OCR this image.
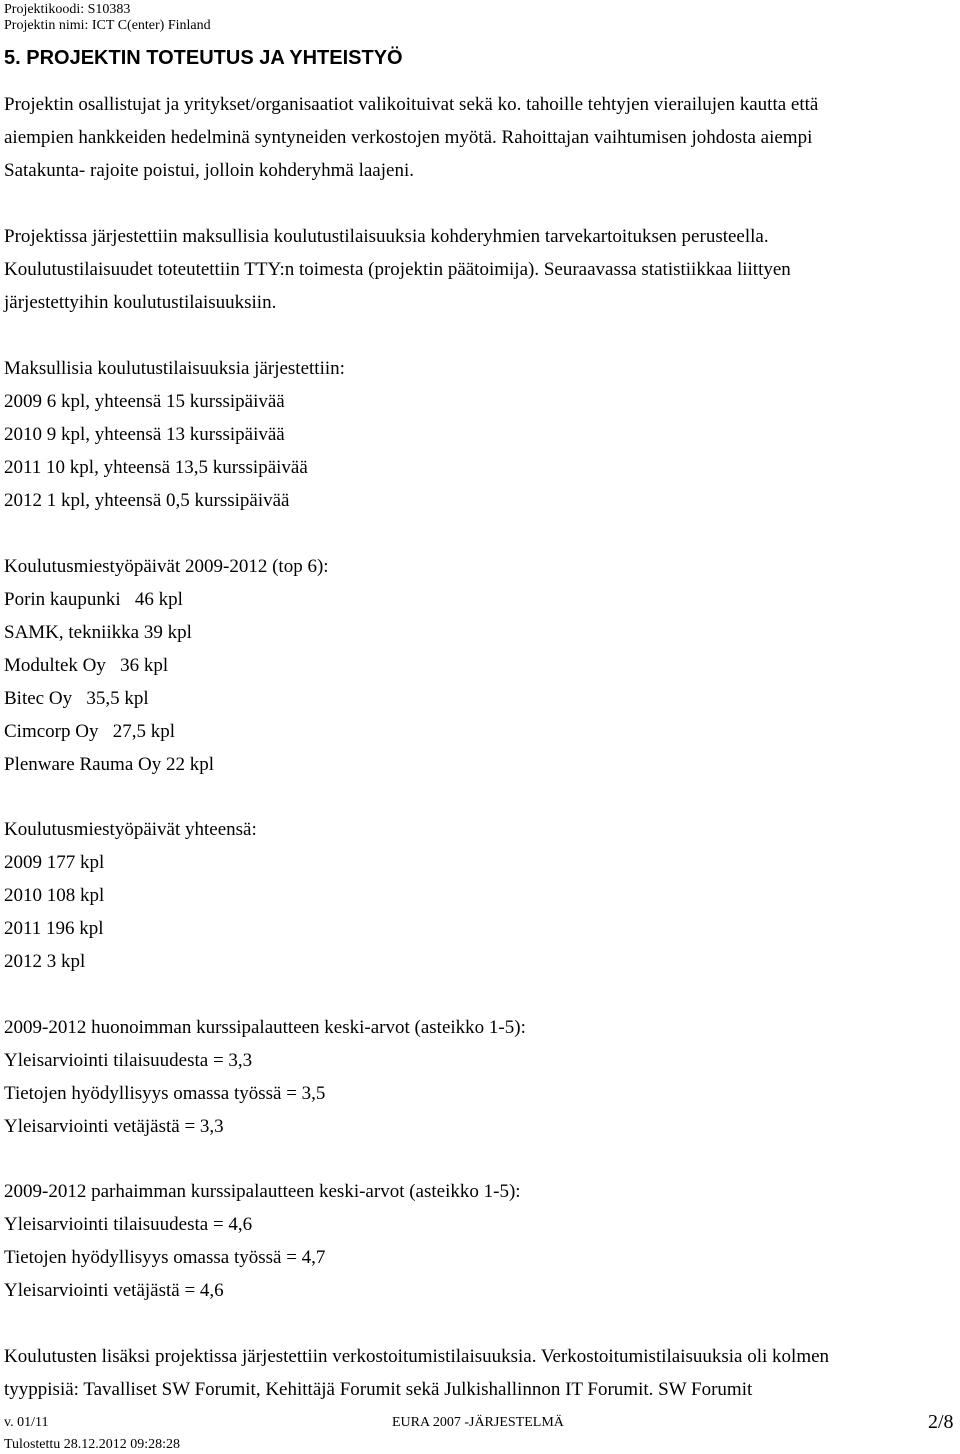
Projektikoodi: S10383
Projektin nimi: ICT C(enter) Finland
5. PROJEKTIN TOTEUTUS JA YHTEISTYÖ
Projektin osallistujat ja yritykset/organisaatiot valikoituivat sekä ko. tahoille tehtyjen vierailujen kautta että
aiempien hankkeiden hedelminä syntyneiden verkostojen myötä. Rahoittajan vaihtumisen johdosta aiempi
Satakunta- rajoite poistui, jolloin kohderyhmä laajeni.
Projektissa järjestettiin maksullisia koulutustilaisuuksia kohderyhmien tarvekartoituksen perusteella.
Koulutustilaisuudet toteutettiin TTY:n toimesta (projektin päätoimija). Seuraavassa statistiikkaa liittyen
järjestettyihin koulutustilaisuuksiin.
Maksullisia koulutustilaisuuksia järjestettiin:
2009 6 kpl, yhteensä 15 kurssipäivää
2010 9 kpl, yhteensä 13 kurssipäivää
2011 10 kpl, yhteensä 13,5 kurssipäivää
2012 1 kpl, yhteensä 0,5 kurssipäivää
Koulutusmiestyöpäivät 2009-2012 (top 6):
Porin kaupunki   46 kpl
SAMK, tekniikka 39 kpl
Modultek Oy   36 kpl
Bitec Oy   35,5 kpl
Cimcorp Oy   27,5 kpl
Plenware Rauma Oy 22 kpl
Koulutusmiestyöpäivät yhteensä:
2009 177 kpl
2010 108 kpl
2011 196 kpl
2012 3 kpl
2009-2012 huonoimman kurssipalautteen keski-arvot (asteikko 1-5):
Yleisarviointi tilaisuudesta = 3,3
Tietojen hyödyllisyys omassa työssä = 3,5
Yleisarviointi vetäjästä = 3,3
2009-2012 parhaimman kurssipalautteen keski-arvot (asteikko 1-5):
Yleisarviointi tilaisuudesta = 4,6
Tietojen hyödyllisyys omassa työssä = 4,7
Yleisarviointi vetäjästä = 4,6
Koulutusten lisäksi projektissa järjestettiin verkostoitumistilaisuuksia. Verkostoitumistilaisuuksia oli kolmen
tyyppisiä: Tavalliset SW Forumit, Kehittäjä Forumit sekä Julkishallinnon IT Forumit. SW Forumit
v. 01/11	EURA 2007 -JÄRJESTELMÄ	2/8
Tulostettu 28.12.2012 09:28:28
